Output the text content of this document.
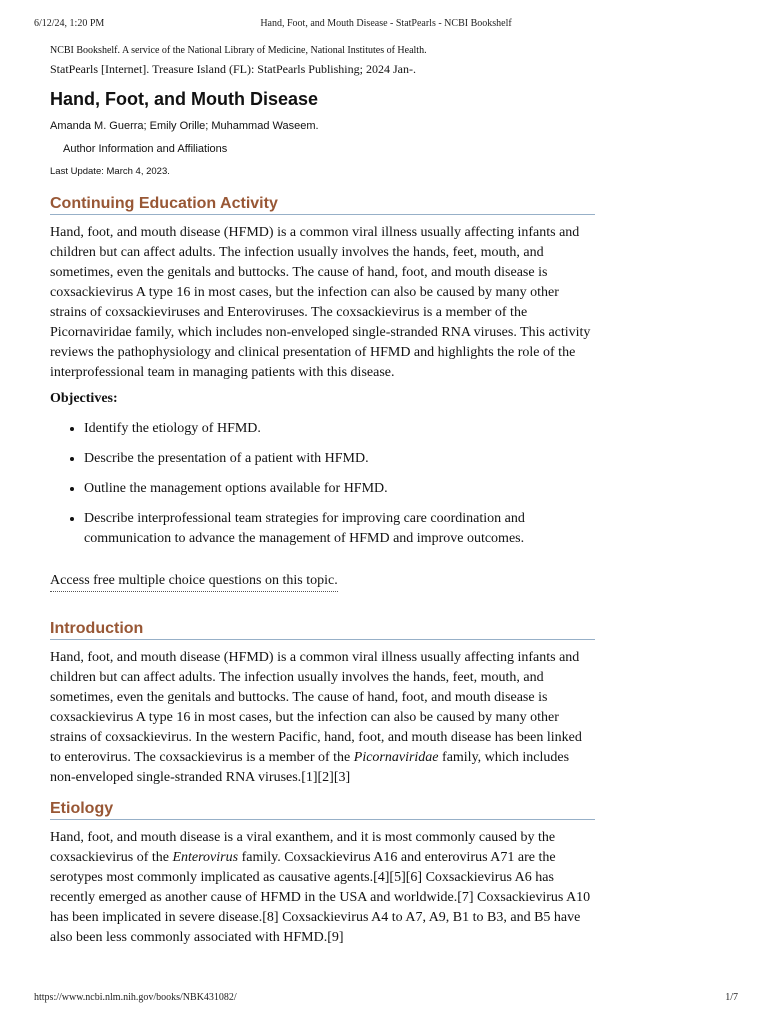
6/12/24, 1:20 PM	Hand, Foot, and Mouth Disease - StatPearls - NCBI Bookshelf
NCBI Bookshelf. A service of the National Library of Medicine, National Institutes of Health.
StatPearls [Internet]. Treasure Island (FL): StatPearls Publishing; 2024 Jan-.
Hand, Foot, and Mouth Disease
Amanda M. Guerra; Emily Orille; Muhammad Waseem.
Author Information and Affiliations
Last Update: March 4, 2023.
Continuing Education Activity

Hand, foot, and mouth disease (HFMD) is a common viral illness usually affecting infants and children but can affect adults. The infection usually involves the hands, feet, mouth, and sometimes, even the genitals and buttocks. The cause of hand, foot, and mouth disease is coxsackievirus A type 16 in most cases, but the infection can also be caused by many other strains of coxsackieviruses and Enteroviruses. The coxsackievirus is a member of the Picornaviridae family, which includes non-enveloped single-stranded RNA viruses. This activity reviews the pathophysiology and clinical presentation of HFMD and highlights the role of the interprofessional team in managing patients with this disease.

Objectives:
• Identify the etiology of HFMD.
• Describe the presentation of a patient with HFMD.
• Outline the management options available for HFMD.
• Describe interprofessional team strategies for improving care coordination and communication to advance the management of HFMD and improve outcomes.
Access free multiple choice questions on this topic.
Introduction

Hand, foot, and mouth disease (HFMD) is a common viral illness usually affecting infants and children but can affect adults. The infection usually involves the hands, feet, mouth, and sometimes, even the genitals and buttocks. The cause of hand, foot, and mouth disease is coxsackievirus A type 16 in most cases, but the infection can also be caused by many other strains of coxsackievirus. In the western Pacific, hand, foot, and mouth disease has been linked to enterovirus. The coxsackievirus is a member of the Picornaviridae family, which includes non-enveloped single-stranded RNA viruses.[1][2][3]

Etiology

Hand, foot, and mouth disease is a viral exanthem, and it is most commonly caused by the coxsackievirus of the Enterovirus family. Coxsackievirus A16 and enterovirus A71 are the serotypes most commonly implicated as causative agents.[4][5][6] Coxsackievirus A6 has recently emerged as another cause of HFMD in the USA and worldwide.[7] Coxsackievirus A10 has been implicated in severe disease.[8] Coxsackievirus A4 to A7, A9, B1 to B3, and B5 have also been less commonly associated with HFMD.[9]

https://www.ncbi.nlm.nih.gov/books/NBK431082/	1/7
